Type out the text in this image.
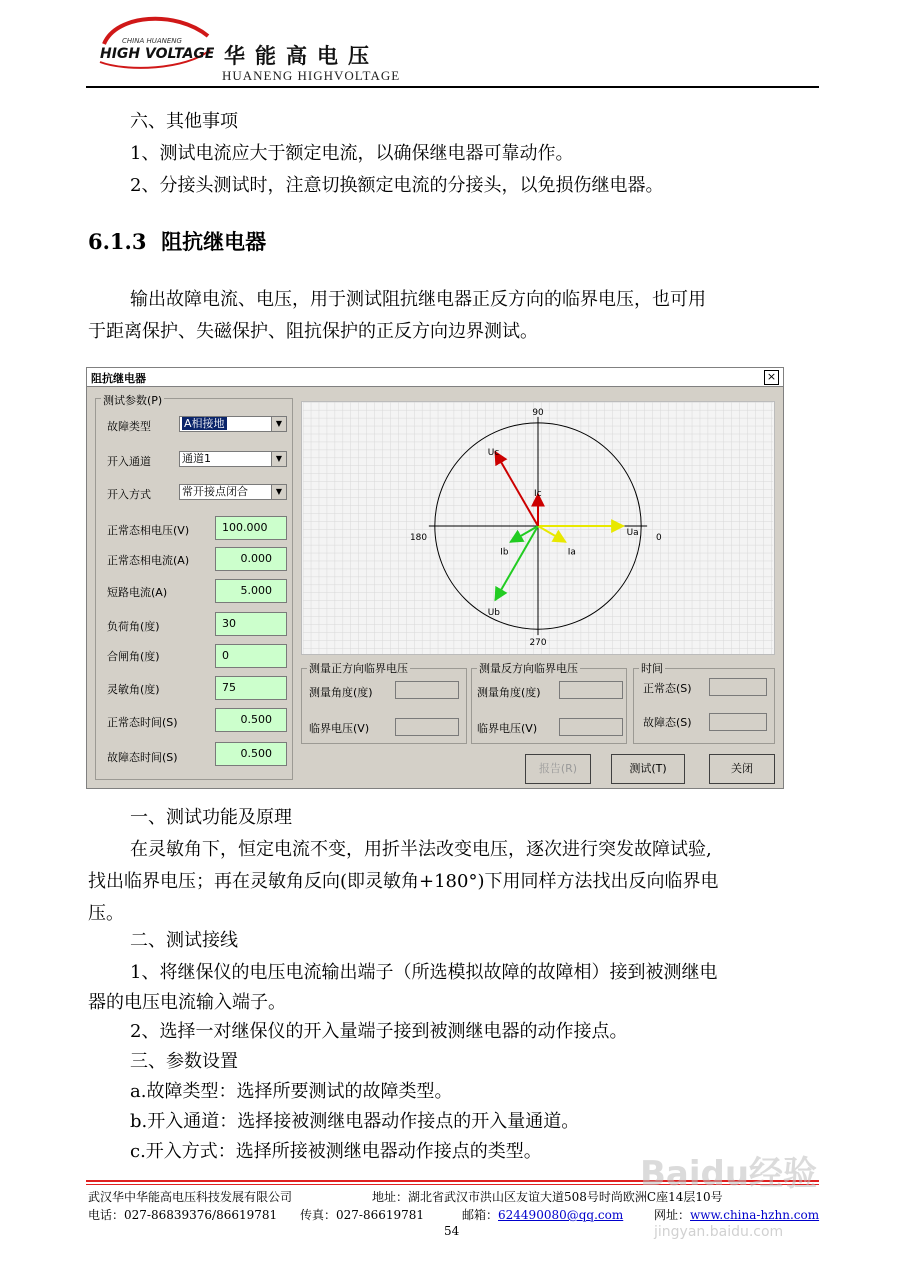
CHINA HUANENG
HIGH VOLTAGE 华能高电压
HUANENG HIGHVOLTAGE
六、其他事项
1、测试电流应大于额定电流，以确保继电器可靠动作。
2、分接头测试时，注意切换额定电流的分接头，以免损伤继电器。
6.1.3 阻抗继电器
输出故障电流、电压，用于测试阻抗继电器正反方向的临界电压，也可用
于距离保护、失磁保护、阻抗保护的正反方向边界测试。
阻抗继电器	×
测试参数(P)
故障类型	A相接地	▼
开入通道	通道1	▼
开入方式	常开接点闭合	▼
正常态相电压(V)	100.000
正常态相电流(A)	0.000
短路电流(A)	5.000
负荷角(度)	30
合闸角(度)	0
灵敏角(度)	75
正常态时间(S)	0.500
故障态时间(S)	0.500
90
270
180	0
Ua
Ub
Uc
Ia
Ib
Ic
测量正方向临界电压
测量角度(度)
临界电压(V)
测量反方向临界电压
测量角度(度)
临界电压(V)
时间
正常态(S)
故障态(S)
报告(R)	测试(T)	关闭
一、测试功能及原理
在灵敏角下，恒定电流不变，用折半法改变电压，逐次进行突发故障试验,
找出临界电压；再在灵敏角反向(即灵敏角+180°)下用同样方法找出反向临界电
压。
二、测试接线
1、将继保仪的电压电流输出端子（所选模拟故障的故障相）接到被测继电
器的电压电流输入端子。
2、选择一对继保仪的开入量端子接到被测继电器的动作接点。
三、参数设置
a.故障类型：选择所要测试的故障类型。
b.开入通道：选择接被测继电器动作接点的开入量通道。
c.开入方式：选择所接被测继电器动作接点的类型。
武汉华中华能高电压科技发展有限公司	地址：湖北省武汉市洪山区友谊大道508号时尚欧洲C座14层10号
电话：027-86839376/86619781 传真：027-86619781	邮箱：624490080@qq.com	网址：www.china-hzhn.com
54
Baidu经验
jingyan.baidu.com
